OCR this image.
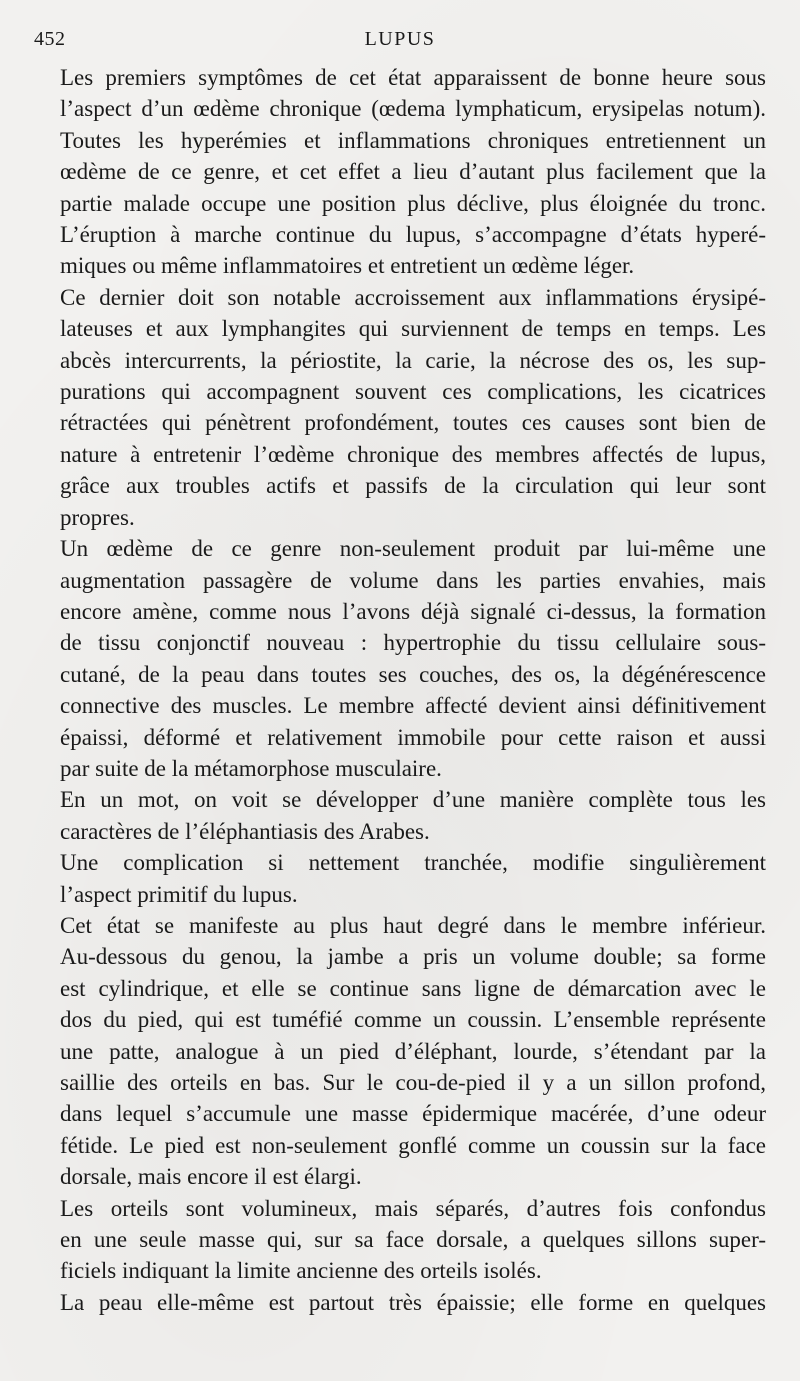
452	LUPUS
Les premiers symptômes de cet état apparaissent de bonne heure sous
l’aspect d’un œdème chronique (œdema lymphaticum, erysipelas notum).
Toutes les hyperémies et inflammations chroniques entretiennent un
œdème de ce genre, et cet effet a lieu d’autant plus facilement que la
partie malade occupe une position plus déclive, plus éloignée du tronc.
L’éruption à marche continue du lupus, s’accompagne d’états hyperé-
miques ou même inflammatoires et entretient un œdème léger.
Ce dernier doit son notable accroissement aux inflammations érysipé-
lateuses et aux lymphangites qui surviennent de temps en temps. Les
abcès intercurrents, la périostite, la carie, la nécrose des os, les sup-
purations qui accompagnent souvent ces complications, les cicatrices
rétractées qui pénètrent profondément, toutes ces causes sont bien de
nature à entretenir l’œdème chronique des membres affectés de lupus,
grâce aux troubles actifs et passifs de la circulation qui leur sont
propres.
Un œdème de ce genre non-seulement produit par lui-même une
augmentation passagère de volume dans les parties envahies, mais
encore amène, comme nous l’avons déjà signalé ci-dessus, la formation
de tissu conjonctif nouveau : hypertrophie du tissu cellulaire sous-
cutané, de la peau dans toutes ses couches, des os, la dégénérescence
connective des muscles. Le membre affecté devient ainsi définitivement
épaissi, déformé et relativement immobile pour cette raison et aussi
par suite de la métamorphose musculaire.
En un mot, on voit se développer d’une manière complète tous les
caractères de l’éléphantiasis des Arabes.
Une complication si nettement tranchée, modifie singulièrement
l’aspect primitif du lupus.
Cet état se manifeste au plus haut degré dans le membre inférieur.
Au-dessous du genou, la jambe a pris un volume double; sa forme
est cylindrique, et elle se continue sans ligne de démarcation avec le
dos du pied, qui est tuméfié comme un coussin. L’ensemble représente
une patte, analogue à un pied d’éléphant, lourde, s’étendant par la
saillie des orteils en bas. Sur le cou-de-pied il y a un sillon profond,
dans lequel s’accumule une masse épidermique macérée, d’une odeur
fétide. Le pied est non-seulement gonflé comme un coussin sur la face
dorsale, mais encore il est élargi.
Les orteils sont volumineux, mais séparés, d’autres fois confondus
en une seule masse qui, sur sa face dorsale, a quelques sillons super-
ficiels indiquant la limite ancienne des orteils isolés.
La peau elle-même est partout très épaissie; elle forme en quelques
